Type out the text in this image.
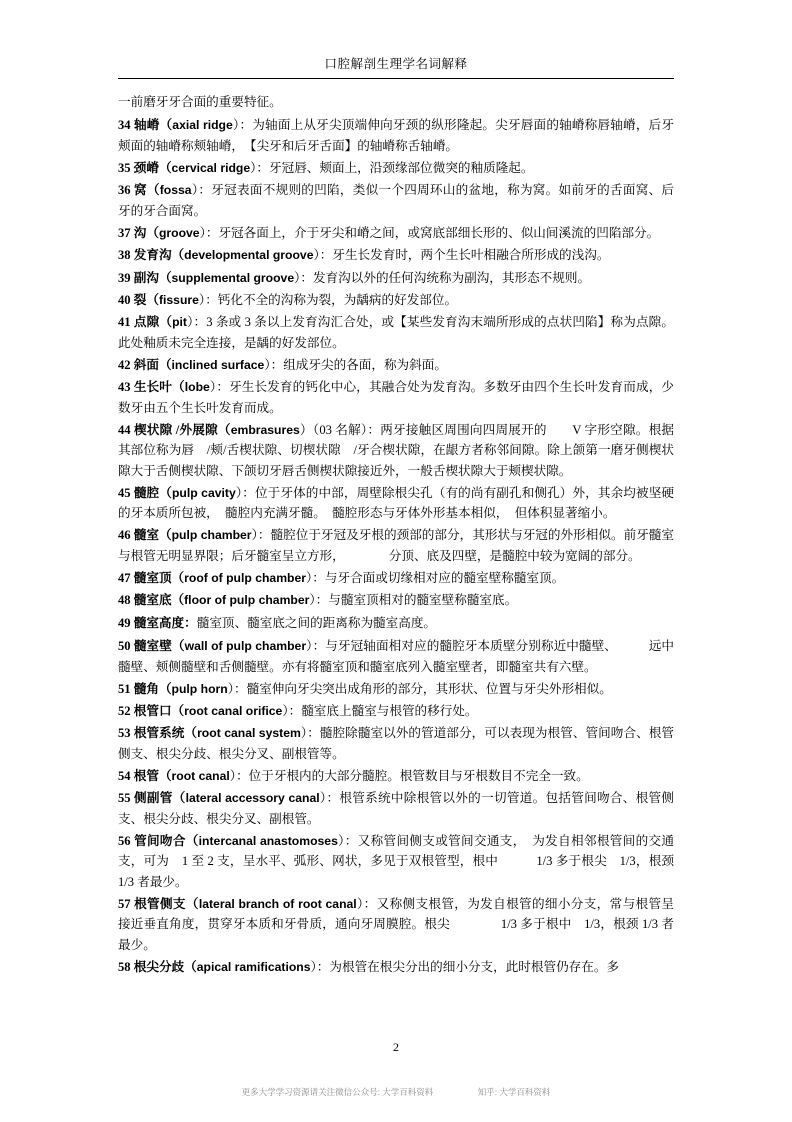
口腔解剖生理学名词解释

一前磨牙牙合面的重要特征。

34 轴嵴（axial ridge）：为轴面上从牙尖顶端伸向牙颈的纵形隆起。尖牙唇面的轴嵴称唇轴嵴，后牙颊面的轴嵴称颊轴嵴，　【尖牙和后牙舌面】的轴嵴称舌轴嵴。

35 颈嵴（cervical ridge）：牙冠唇、颊面上，沿颈缘部位微突的釉质隆起。

36 窝（fossa）：牙冠表面不规则的凹陷，类似一个四周环山的盆地，称为窝。如前牙的舌面窝、后牙的牙合面窝。

37 沟（groove）：牙冠各面上，介于牙尖和嵴之间，或窝底部细长形的、似山间溪流的凹陷部分。

38 发育沟（developmental groove）：牙生长发育时，两个生长叶相融合所形成的浅沟。

39 副沟（supplemental groove）：发育沟以外的任何沟统称为副沟，其形态不规则。

40 裂（fissure）：钙化不全的沟称为裂，为龋病的好发部位。

41 点隙（pit）：3 条或 3 条以上发育沟汇合处，或【某些发育沟末端所形成的点状凹陷】称为点隙。此处釉质未完全连接，是龋的好发部位。

42 斜面（inclined surface）：组成牙尖的各面，称为斜面。

43 生长叶（lobe）：牙生长发育的钙化中心，其融合处为发育沟。多数牙由四个生长叶发育而成，少数牙由五个生长叶发育而成。

44 楔状隙 /外展隙（embrasures）（03 名解）：两牙接触区周围向四周展开的　　V 字形空隙。根据其部位称为唇　/颊/舌楔状隙、切楔状隙　/牙合楔状隙，在龈方者称邻间隙。除上颌第一磨牙侧楔状隙大于舌侧楔状隙、下颌切牙唇舌侧楔状隙接近外，一般舌楔状隙大于颊楔状隙。

45 髓腔（pulp cavity）：位于牙体的中部，周壁除根尖孔（有的尚有副孔和侧孔）外，其余均被坚硬的牙本质所包被，　髓腔内充满牙髓。　髓腔形态与牙体外形基本相似，　但体积显著缩小。

46 髓室（pulp chamber）：髓腔位于牙冠及牙根的颈部的部分，其形状与牙冠的外形相似。前牙髓室与根管无明显界限；后牙髓室呈立方形，　　　　分顶、底及四壁，是髓腔中较为宽阔的部分。

47 髓室顶（roof of pulp chamber）：与牙合面或切缘相对应的髓室壁称髓室顶。

48 髓室底（floor of pulp chamber）：与髓室顶相对的髓室壁称髓室底。

49 髓室高度：髓室顶、髓室底之间的距离称为髓室高度。

50 髓室壁（wall of pulp chamber）：与牙冠轴面相对应的髓腔牙本质壁分别称近中髓壁、　　　远中髓壁、颊侧髓壁和舌侧髓壁。亦有将髓室顶和髓室底列入髓室壁者，即髓室共有六壁。

51 髓角（pulp horn）：髓室伸向牙尖突出成角形的部分，其形状、位置与牙尖外形相似。

52 根管口（root canal orifice）：髓室底上髓室与根管的移行处。

53 根管系统（root canal system）：髓腔除髓室以外的管道部分，可以表现为根管、管间吻合、根管侧支、根尖分歧、根尖分叉、副根管等。

54 根管（root canal）：位于牙根内的大部分髓腔。根管数目与牙根数目不完全一致。

55 侧副管（lateral accessory canal）：根管系统中除根管以外的一切管道。包括管间吻合、根管侧支、根尖分歧、根尖分叉、副根管。

56 管间吻合（intercanal anastomoses）：又称管间侧支或管间交通支，　为发自相邻根管间的交通支，可为　1 至 2 支，呈水平、弧形、网状，多见于双根管型，根中　　　1/3 多于根尖　1/3，根颈 1/3 者最少。

57 根管侧支（lateral branch of root canal）：又称侧支根管，为发自根管的细小分支，常与根管呈接近垂直角度，贯穿牙本质和牙骨质，通向牙周膜腔。根尖　　　　1/3 多于根中　1/3，根颈 1/3 者最少。

58 根尖分歧（apical ramifications）：为根管在根尖分出的细小分支，此时根管仍存在。多

2
更多大学学习资源请关注微信公众号: 大学百科资料	知乎: 大学百科资料
